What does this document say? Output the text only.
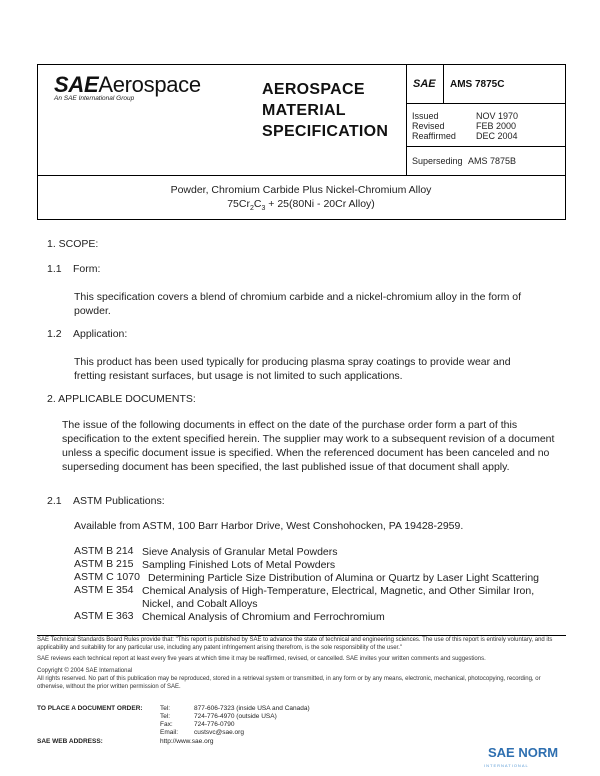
SAEAerospace
An SAE International Group
AEROSPACE
MATERIAL
SPECIFICATION
SAE AMS 7875C
Issued	NOV 1970
Revised	FEB 2000
Reaffirmed DEC 2004
Superseding AMS 7875B
Powder, Chromium Carbide Plus Nickel-Chromium Alloy
$75Cr_2C_3 + 25(80Ni - 20Cr$ Alloy)
1. SCOPE:
1.1 Form:
This specification covers a blend of chromium carbide and a nickel-chromium alloy in the form of powder.
1.2 Application:
This product has been used typically for producing plasma spray coatings to provide wear and fretting resistant surfaces, but usage is not limited to such applications.
2. APPLICABLE DOCUMENTS:
The issue of the following documents in effect on the date of the purchase order form a part of this specification to the extent specified herein. The supplier may work to a subsequent revision of a document unless a specific document issue is specified. When the referenced document has been canceled and no superseding document has been specified, the last published issue of that document shall apply.
2.1 ASTM Publications:
Available from ASTM, 100 Barr Harbor Drive, West Conshohocken, PA 19428-2959.
ASTM B 214 Sieve Analysis of Granular Metal Powders
ASTM B 215 Sampling Finished Lots of Metal Powders
ASTM C 1070 Determining Particle Size Distribution of Alumina or Quartz by Laser Light Scattering
ASTM E 354 Chemical Analysis of High-Temperature, Electrical, Magnetic, and Other Similar Iron,
Nickel, and Cobalt Alloys
ASTM E 363 Chemical Analysis of Chromium and Ferrochromium
SAE Technical Standards Board Rules provide that: "This report is published by SAE to advance the state of technical and engineering sciences. The use of this report is entirely voluntary, and its applicability and suitability for any particular use, including any patent infringement arising therefrom, is the sole responsibility of the user."
SAE reviews each technical report at least every five years at which time it may be reaffirmed, revised, or cancelled. SAE invites your written comments and suggestions.
Copyright © 2004 SAE International
All rights reserved. No part of this publication may be reproduced, stored in a retrieval system or transmitted, in any form or by any means, electronic, mechanical, photocopying, recording, or otherwise, without the prior written permission of SAE.
TO PLACE A DOCUMENT ORDER:	Tel:	877-606-7323 (inside USA and Canada)
Tel:	724-776-4970 (outside USA)
Fax:	724-776-0790
Email: custsvc@sae.org
SAE WEB ADDRESS:	http://www.sae.org
SAE NORM
INTERNATIONAL
